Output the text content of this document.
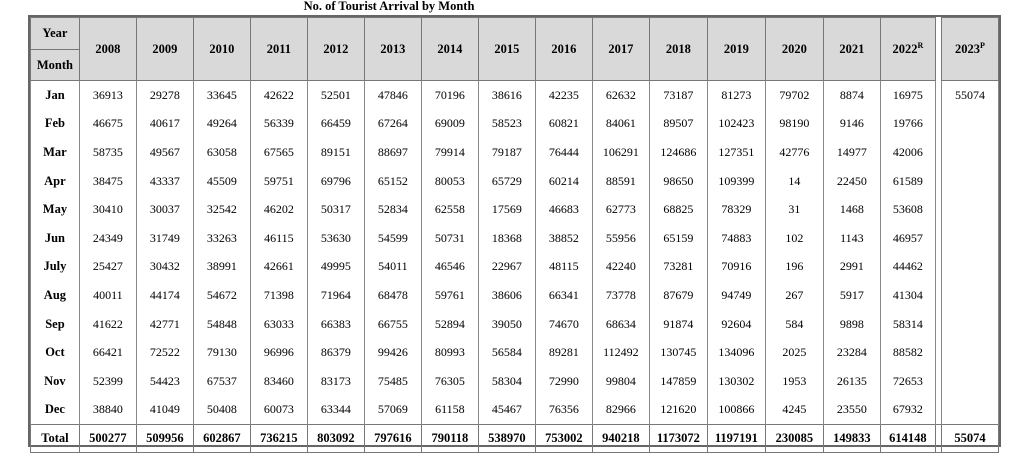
No. of Tourist Arrival by Month
Year
Month	2008	2009	2010	2011	2012	2013	2014	2015	2016	2017	2018	2019	2020	2021	$2022^R$		$2023^P$
Jan	36913	29278	33645	42622	52501	47846	70196	38616	42235	62632	73187	81273	79702	8874	16975		55074
Feb	46675	40617	49264	56339	66459	67264	69009	58523	60821	84061	89507	102423	98190	9146	19766		
Mar	58735	49567	63058	67565	89151	88697	79914	79187	76444	106291	124686	127351	42776	14977	42006		
Apr	38475	43337	45509	59751	69796	65152	80053	65729	60214	88591	98650	109399	14	22450	61589		
May	30410	30037	32542	46202	50317	52834	62558	17569	46683	62773	68825	78329	31	1468	53608		
Jun	24349	31749	33263	46115	53630	54599	50731	18368	38852	55956	65159	74883	102	1143	46957		
July	25427	30432	38991	42661	49995	54011	46546	22967	48115	42240	73281	70916	196	2991	44462		
Aug	40011	44174	54672	71398	71964	68478	59761	38606	66341	73778	87679	94749	267	5917	41304		
Sep	41622	42771	54848	63033	66383	66755	52894	39050	74670	68634	91874	92604	584	9898	58314		
Oct	66421	72522	79130	96996	86379	99426	80993	56584	89281	112492	130745	134096	2025	23284	88582		
Nov	52399	54423	67537	83460	83173	75485	76305	58304	72990	99804	147859	130302	1953	26135	72653		
Dec	38840	41049	50408	60073	63344	57069	61158	45467	76356	82966	121620	100866	4245	23550	67932		
Total	500277	509956	602867	736215	803092	797616	790118	538970	753002	940218	1173072	1197191	230085	149833	614148		55074
